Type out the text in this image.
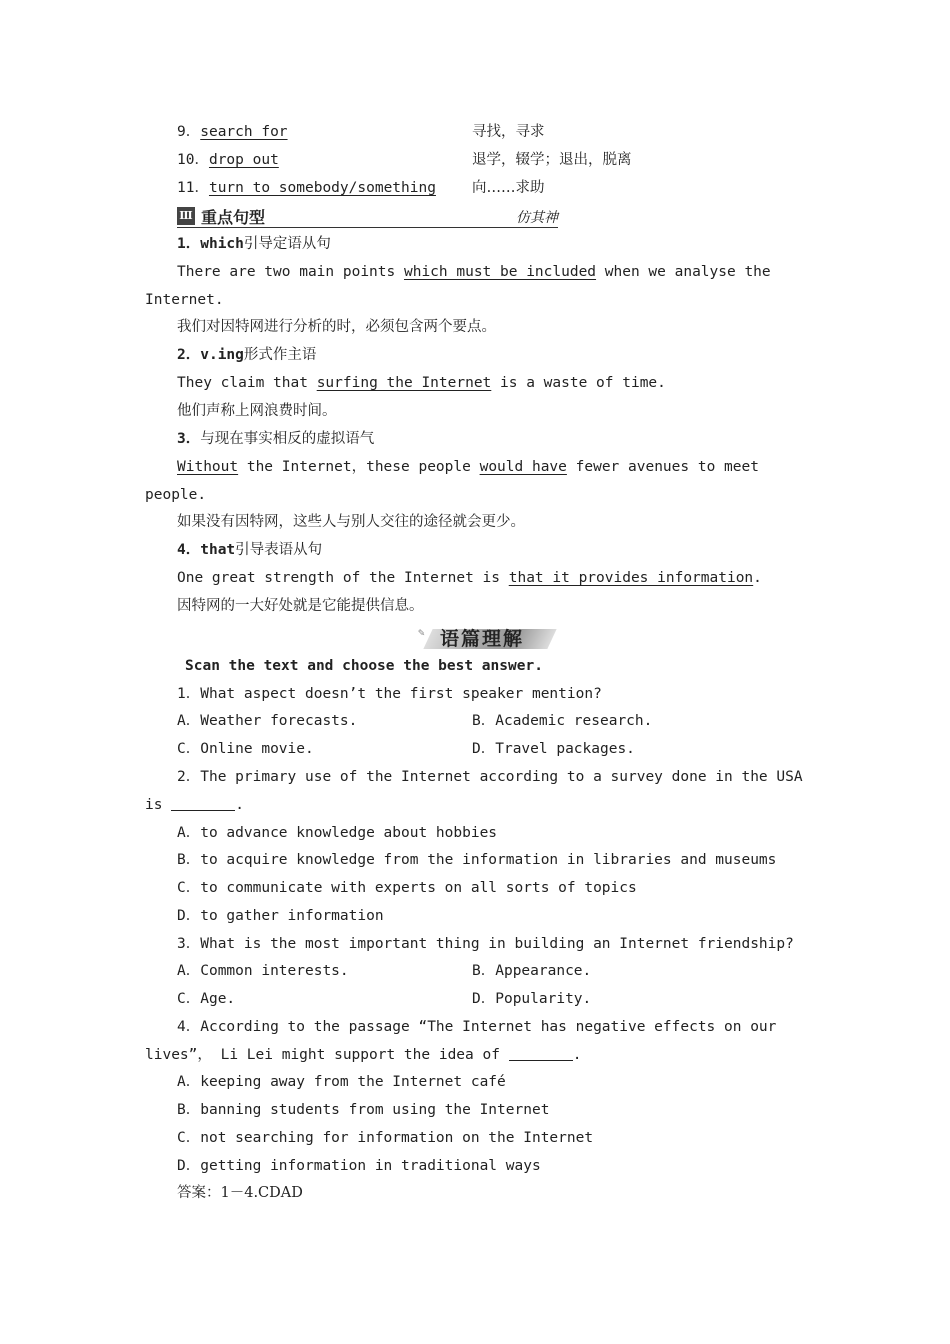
9．search for	寻找，寻求
10．drop out	退学，辍学；退出，脱离
11．turn to somebody/something 向……求助
Ⅲ 重点句型	仿其神
1．which引导定语从句
There are two main points which must be included when we analyse the
Internet.
我们对因特网进行分析的时，必须包含两个要点。
2．v.ing形式作主语
They claim that surfing the Internet is a waste of time.
他们声称上网浪费时间。
3．与现在事实相反的虚拟语气
Without the Internet，these people would have fewer avenues to meet
people.
如果没有因特网，这些人与别人交往的途径就会更少。
4．that引导表语从句
One great strength of the Internet is that it provides information.
因特网的一大好处就是它能提供信息。
✎ 语篇理解
Scan the text and choose the best answer.
1．What aspect doesn’t the first speaker mention?
A．Weather forecasts.	B．Academic research.
C．Online movie.	D．Travel packages.
2．The primary use of the Internet according to a survey done in the USA
is	.
A．to advance knowledge about hobbies
B．to acquire knowledge from the information in libraries and museums
C．to communicate with experts on all sorts of topics
D．to gather information
3．What is the most important thing in building an Internet friendship?
A．Common interests.	B．Appearance.
C．Age.	D．Popularity.
4．According to the passage “The Internet has negative effects on our
lives”， Li Lei might support the idea of	.
A．keeping away from the Internet café
B．banning students from using the Internet
C．not searching for information on the Internet
D．getting information in traditional ways
答案：1－4.CDAD
